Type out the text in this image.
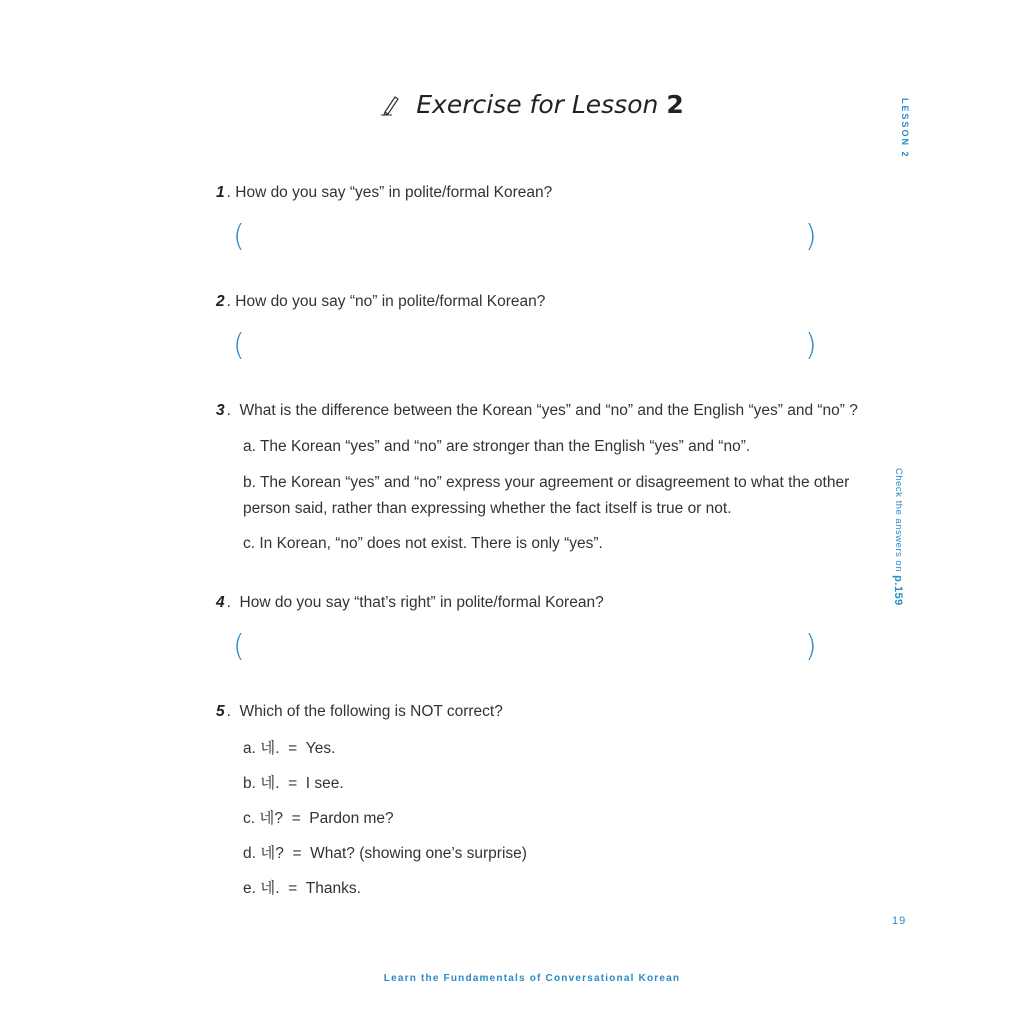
Exercise for Lesson 2	LESSON 2
Check the answers on p.159
1 . How do you say “yes” in polite/formal Korean?
(	)
2 . How do you say “no” in polite/formal Korean?
(	)
3 .  What is the difference between the Korean “yes” and “no” and the English “yes” and “no” ?
a. The Korean “yes” and “no” are stronger than the English “yes” and “no”.
b. The Korean “yes” and “no” express your agreement or disagreement to what the other person said, rather than expressing whether the fact itself is true or not.
c. In Korean, “no” does not exist. There is only “yes”.
4 .  How do you say “that’s right” in polite/formal Korean?
(	)
5 .  Which of the following is NOT correct?
a. 네.  =  Yes.
b. 네.  =  I see.
c. 네?  =  Pardon me?
d. 네?  =  What? (showing one’s surprise)
e. 네.  =  Thanks.
19
Learn the Fundamentals of Conversational Korean
